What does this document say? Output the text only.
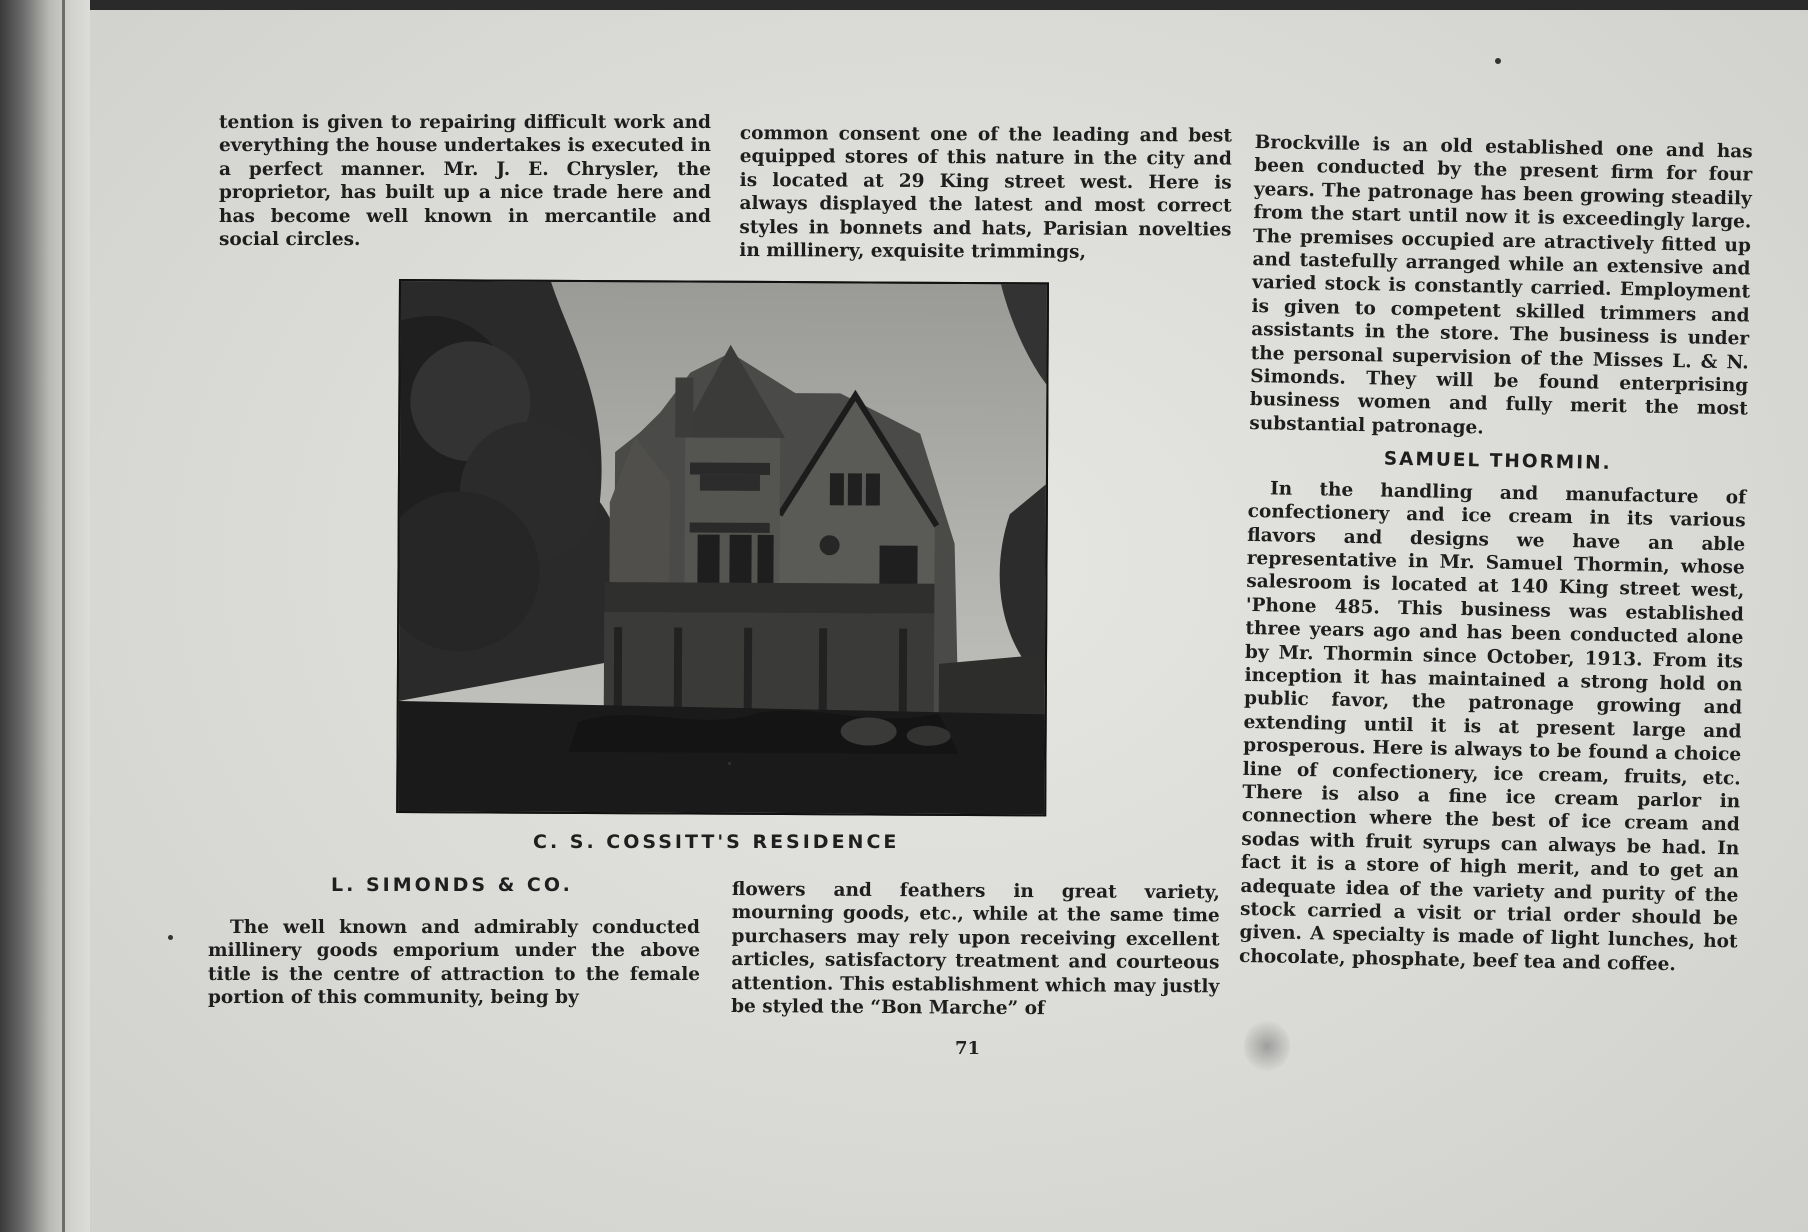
tention is given to repairing difficult work and everything the house undertakes is executed in a perfect manner. Mr. J. E. Chrysler, the proprietor, has built up a nice trade here and has become well known in mercantile and social circles.

common consent one of the leading and best equipped stores of this nature in the city and is located at 29 King street west. Here is always displayed the latest and most correct styles in bonnets and hats, Parisian novelties in millinery, exquisite trimmings,

C. S. COSSITT'S RESIDENCE
L. SIMONDS & CO.

The well known and admirably conducted millinery goods emporium under the above title is the centre of attraction to the female portion of this community, being by

flowers and feathers in great variety, mourning goods, etc., while at the same time purchasers may rely upon receiving excellent articles, satisfactory treatment and courteous attention. This establishment which may justly be styled the “Bon Marche” of

Brockville is an old established one and has been conducted by the present firm for four years. The patronage has been growing steadily from the start until now it is exceedingly large. The premises occupied are atractively fitted up and tastefully arranged while an extensive and varied stock is constantly carried. Employment is given to competent skilled trimmers and assistants in the store. The business is under the personal supervision of the Misses L. & N. Simonds. They will be found enterprising business women and fully merit the most substantial patronage.

SAMUEL THORMIN.

In the handling and manufacture of confectionery and ice cream in its various flavors and designs we have an able representative in Mr. Samuel Thormin, whose salesroom is located at 140 King street west, 'Phone 485. This business was established three years ago and has been conducted alone by Mr. Thormin since October, 1913. From its inception it has maintained a strong hold on public favor, the patronage growing and extending until it is at present large and prosperous. Here is always to be found a choice line of confectionery, ice cream, fruits, etc. There is also a fine ice cream parlor in connection where the best of ice cream and sodas with fruit syrups can always be had. In fact it is a store of high merit, and to get an adequate idea of the variety and purity of the stock carried a visit or trial order should be given. A specialty is made of light lunches, hot chocolate, phosphate, beef tea and coffee.

71
